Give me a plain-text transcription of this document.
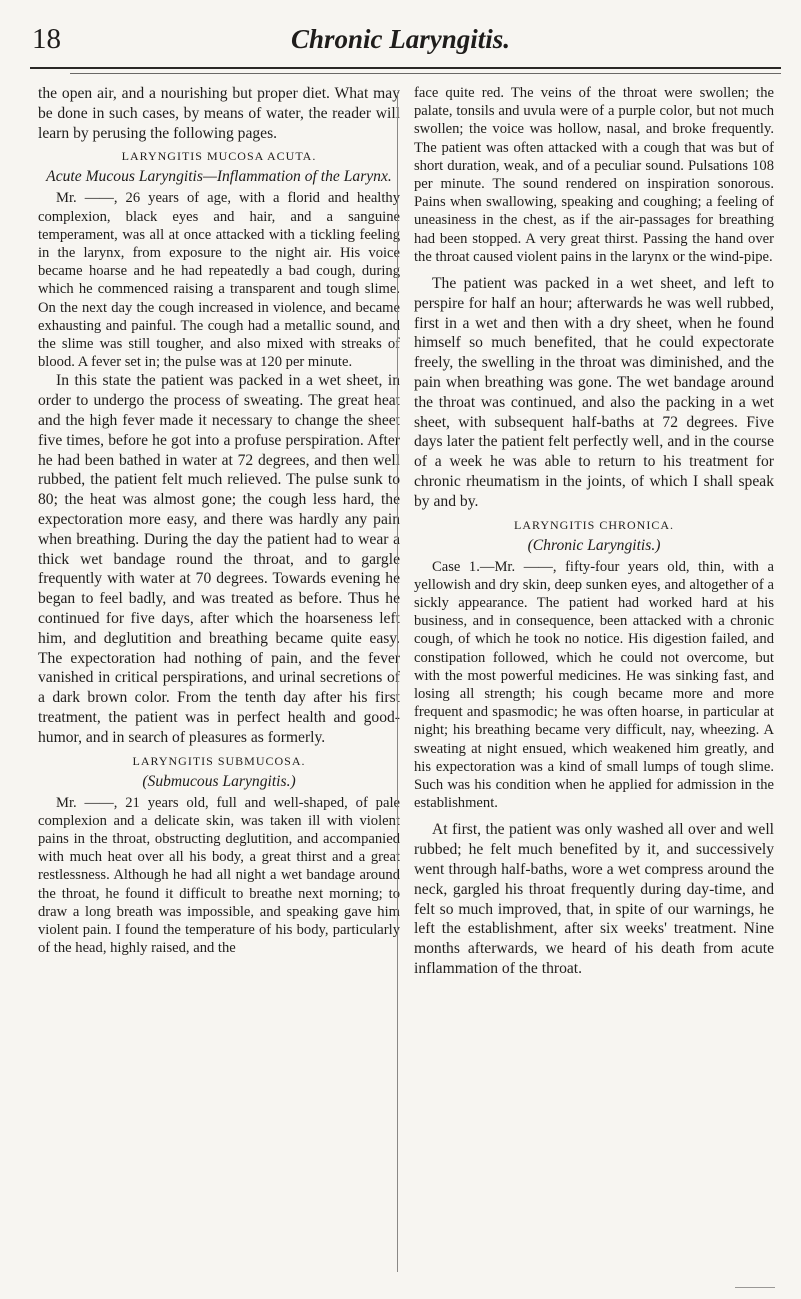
18	Chronic Laryngitis.

the open air, and a nourishing but proper diet. What may be done in such cases, by means of water, the reader will learn by perusing the following pages.

LARYNGITIS MUCOSA ACUTA.
Acute Mucous Laryngitis—Inflammation of the Larynx.

Mr. ——, 26 years of age, with a florid and healthy complexion, black eyes and hair, and a sanguine temperament, was all at once attacked with a tickling feeling in the larynx, from exposure to the night air. His voice became hoarse and he had repeatedly a bad cough, during which he commenced raising a transparent and tough slime. On the next day the cough increased in violence, and became exhausting and painful. The cough had a metallic sound, and the slime was still tougher, and also mixed with streaks of blood. A fever set in; the pulse was at 120 per minute.

In this state the patient was packed in a wet sheet, in order to undergo the process of sweating. The great heat and the high fever made it necessary to change the sheet five times, before he got into a profuse perspiration. After he had been bathed in water at 72 degrees, and then well rubbed, the patient felt much relieved. The pulse sunk to 80; the heat was almost gone; the cough less hard, the expectoration more easy, and there was hardly any pain when breathing. During the day the patient had to wear a thick wet bandage round the throat, and to gargle frequently with water at 70 degrees. Towards evening he began to feel badly, and was treated as before. Thus he continued for five days, after which the hoarseness left him, and deglutition and breathing became quite easy. The expectoration had nothing of pain, and the fever vanished in critical perspirations, and urinal secretions of a dark brown color. From the tenth day after his first treatment, the patient was in perfect health and good-humor, and in search of pleasures as formerly.

LARYNGITIS SUBMUCOSA.
(Submucous Laryngitis.)

Mr. ——, 21 years old, full and well-shaped, of pale complexion and a delicate skin, was taken ill with violent pains in the throat, obstructing deglutition, and accompanied with much heat over all his body, a great thirst and a great restlessness. Although he had all night a wet bandage around the throat, he found it difficult to breathe next morning; to draw a long breath was impossible, and speaking gave him violent pain. I found the temperature of his body, particularly of the head, highly raised, and the

face quite red. The veins of the throat were swollen; the palate, tonsils and uvula were of a purple color, but not much swollen; the voice was hollow, nasal, and broke frequently. The patient was often attacked with a cough that was but of short duration, weak, and of a peculiar sound. Pulsations 108 per minute. The sound rendered on inspiration sonorous. Pains when swallowing, speaking and coughing; a feeling of uneasiness in the chest, as if the air-passages for breathing had been stopped. A very great thirst. Passing the hand over the throat caused violent pains in the larynx or the wind-pipe.

The patient was packed in a wet sheet, and left to perspire for half an hour; afterwards he was well rubbed, first in a wet and then with a dry sheet, when he found himself so much benefited, that he could expectorate freely, the swelling in the throat was diminished, and the pain when breathing was gone. The wet bandage around the throat was continued, and also the packing in a wet sheet, with subsequent half-baths at 72 degrees. Five days later the patient felt perfectly well, and in the course of a week he was able to return to his treatment for chronic rheumatism in the joints, of which I shall speak by and by.

LARYNGITIS CHRONICA.
(Chronic Laryngitis.)

Case 1.—Mr. ——, fifty-four years old, thin, with a yellowish and dry skin, deep sunken eyes, and altogether of a sickly appearance. The patient had worked hard at his business, and in consequence, been attacked with a chronic cough, of which he took no notice. His digestion failed, and constipation followed, which he could not overcome, but with the most powerful medicines. He was sinking fast, and losing all strength; his cough became more and more frequent and spasmodic; he was often hoarse, in particular at night; his breathing became very difficult, nay, wheezing. A sweating at night ensued, which weakened him greatly, and his expectoration was a kind of small lumps of tough slime. Such was his condition when he applied for admission in the establishment.

At first, the patient was only washed all over and well rubbed; he felt much benefited by it, and successively went through half-baths, wore a wet compress around the neck, gargled his throat frequently during day-time, and felt so much improved, that, in spite of our warnings, he left the establishment, after six weeks' treatment. Nine months afterwards, we heard of his death from acute inflammation of the throat.
